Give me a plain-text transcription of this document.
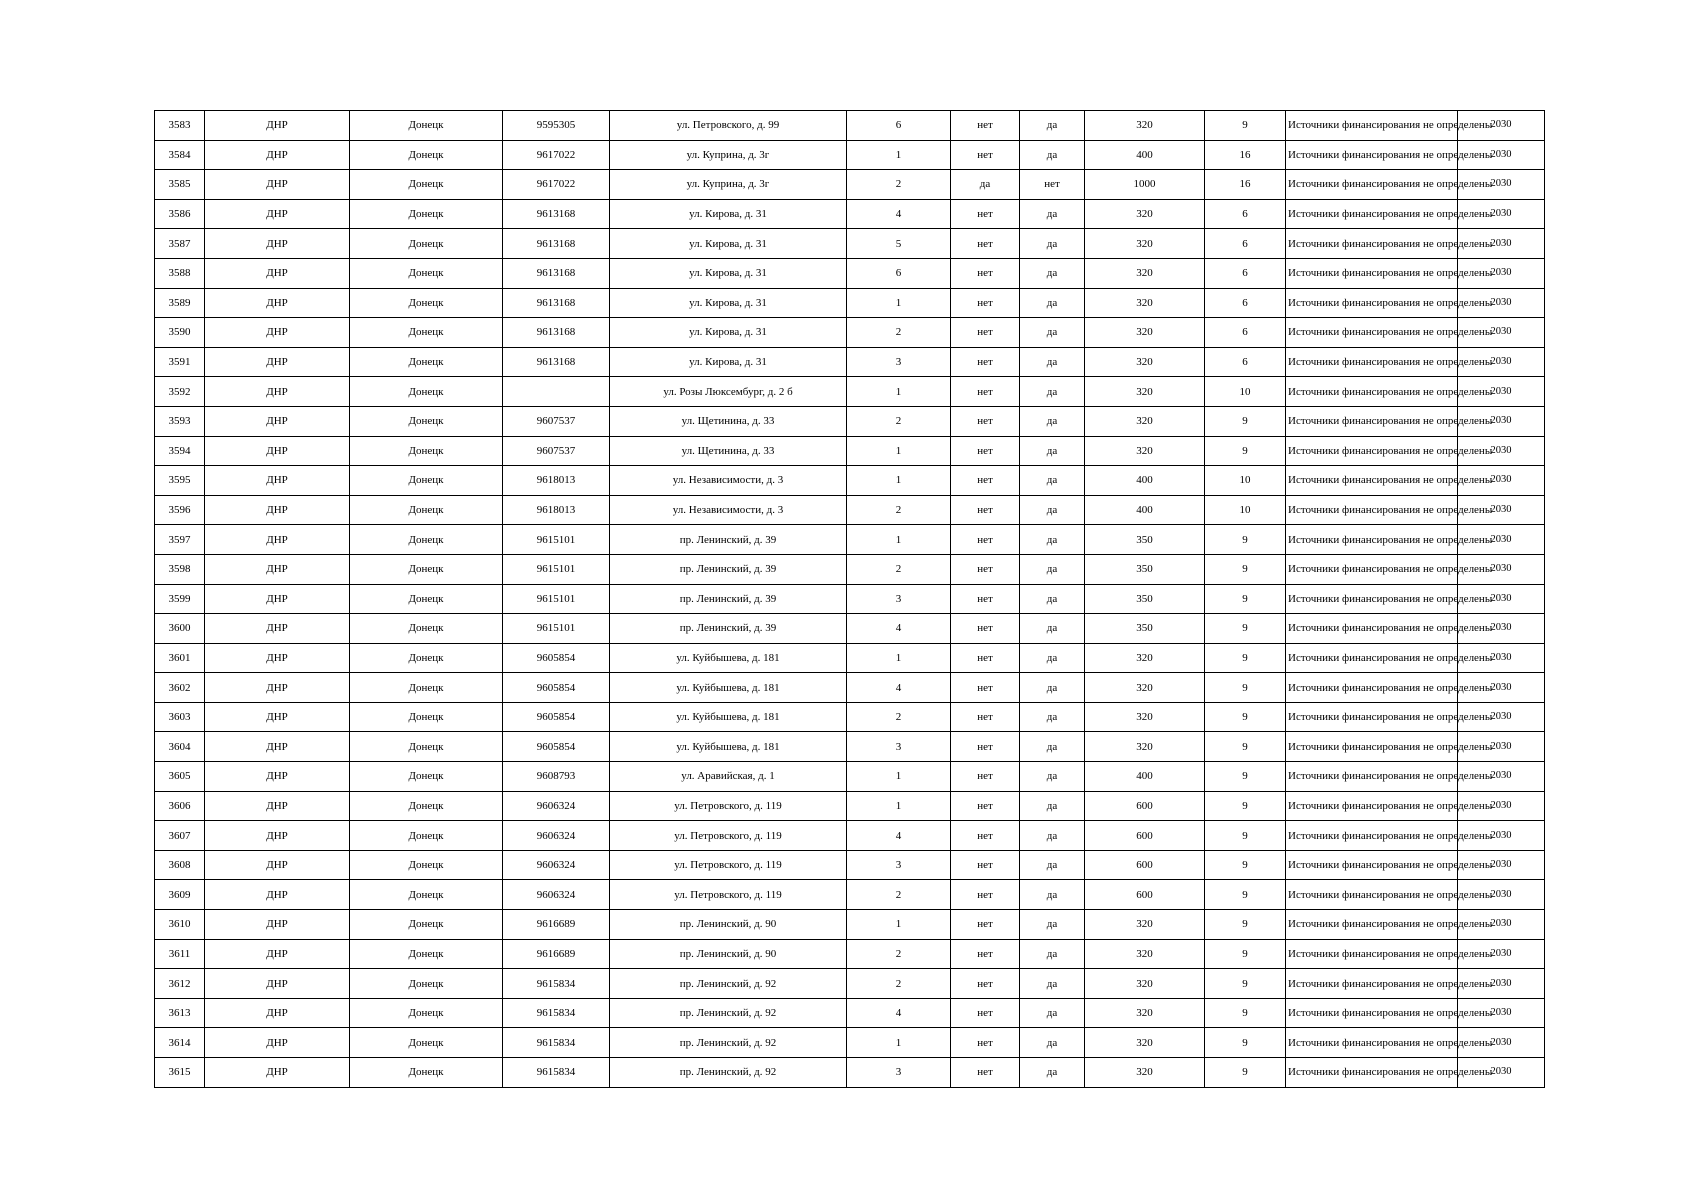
3583	ДНР	Донецк	9595305	ул. Петровского, д. 99	6	нет	да	320	9	Источники финансирования не определены	2030
3584	ДНР	Донецк	9617022	ул. Куприна, д. 3г	1	нет	да	400	16	Источники финансирования не определены	2030
3585	ДНР	Донецк	9617022	ул. Куприна, д. 3г	2	да	нет	1000	16	Источники финансирования не определены	2030
3586	ДНР	Донецк	9613168	ул. Кирова, д. 31	4	нет	да	320	6	Источники финансирования не определены	2030
3587	ДНР	Донецк	9613168	ул. Кирова, д. 31	5	нет	да	320	6	Источники финансирования не определены	2030
3588	ДНР	Донецк	9613168	ул. Кирова, д. 31	6	нет	да	320	6	Источники финансирования не определены	2030
3589	ДНР	Донецк	9613168	ул. Кирова, д. 31	1	нет	да	320	6	Источники финансирования не определены	2030
3590	ДНР	Донецк	9613168	ул. Кирова, д. 31	2	нет	да	320	6	Источники финансирования не определены	2030
3591	ДНР	Донецк	9613168	ул. Кирова, д. 31	3	нет	да	320	6	Источники финансирования не определены	2030
3592	ДНР	Донецк		ул. Розы Люксембург, д. 2 б	1	нет	да	320	10	Источники финансирования не определены	2030
3593	ДНР	Донецк	9607537	ул. Щетинина, д. 33	2	нет	да	320	9	Источники финансирования не определены	2030
3594	ДНР	Донецк	9607537	ул. Щетинина, д. 33	1	нет	да	320	9	Источники финансирования не определены	2030
3595	ДНР	Донецк	9618013	ул. Независимости, д. 3	1	нет	да	400	10	Источники финансирования не определены	2030
3596	ДНР	Донецк	9618013	ул. Независимости, д. 3	2	нет	да	400	10	Источники финансирования не определены	2030
3597	ДНР	Донецк	9615101	пр. Ленинский, д. 39	1	нет	да	350	9	Источники финансирования не определены	2030
3598	ДНР	Донецк	9615101	пр. Ленинский, д. 39	2	нет	да	350	9	Источники финансирования не определены	2030
3599	ДНР	Донецк	9615101	пр. Ленинский, д. 39	3	нет	да	350	9	Источники финансирования не определены	2030
3600	ДНР	Донецк	9615101	пр. Ленинский, д. 39	4	нет	да	350	9	Источники финансирования не определены	2030
3601	ДНР	Донецк	9605854	ул. Куйбышева, д. 181	1	нет	да	320	9	Источники финансирования не определены	2030
3602	ДНР	Донецк	9605854	ул. Куйбышева, д. 181	4	нет	да	320	9	Источники финансирования не определены	2030
3603	ДНР	Донецк	9605854	ул. Куйбышева, д. 181	2	нет	да	320	9	Источники финансирования не определены	2030
3604	ДНР	Донецк	9605854	ул. Куйбышева, д. 181	3	нет	да	320	9	Источники финансирования не определены	2030
3605	ДНР	Донецк	9608793	ул. Аравийская, д. 1	1	нет	да	400	9	Источники финансирования не определены	2030
3606	ДНР	Донецк	9606324	ул. Петровского, д. 119	1	нет	да	600	9	Источники финансирования не определены	2030
3607	ДНР	Донецк	9606324	ул. Петровского, д. 119	4	нет	да	600	9	Источники финансирования не определены	2030
3608	ДНР	Донецк	9606324	ул. Петровского, д. 119	3	нет	да	600	9	Источники финансирования не определены	2030
3609	ДНР	Донецк	9606324	ул. Петровского, д. 119	2	нет	да	600	9	Источники финансирования не определены	2030
3610	ДНР	Донецк	9616689	пр. Ленинский, д. 90	1	нет	да	320	9	Источники финансирования не определены	2030
3611	ДНР	Донецк	9616689	пр. Ленинский, д. 90	2	нет	да	320	9	Источники финансирования не определены	2030
3612	ДНР	Донецк	9615834	пр. Ленинский, д. 92	2	нет	да	320	9	Источники финансирования не определены	2030
3613	ДНР	Донецк	9615834	пр. Ленинский, д. 92	4	нет	да	320	9	Источники финансирования не определены	2030
3614	ДНР	Донецк	9615834	пр. Ленинский, д. 92	1	нет	да	320	9	Источники финансирования не определены	2030
3615	ДНР	Донецк	9615834	пр. Ленинский, д. 92	3	нет	да	320	9	Источники финансирования не определены	2030
